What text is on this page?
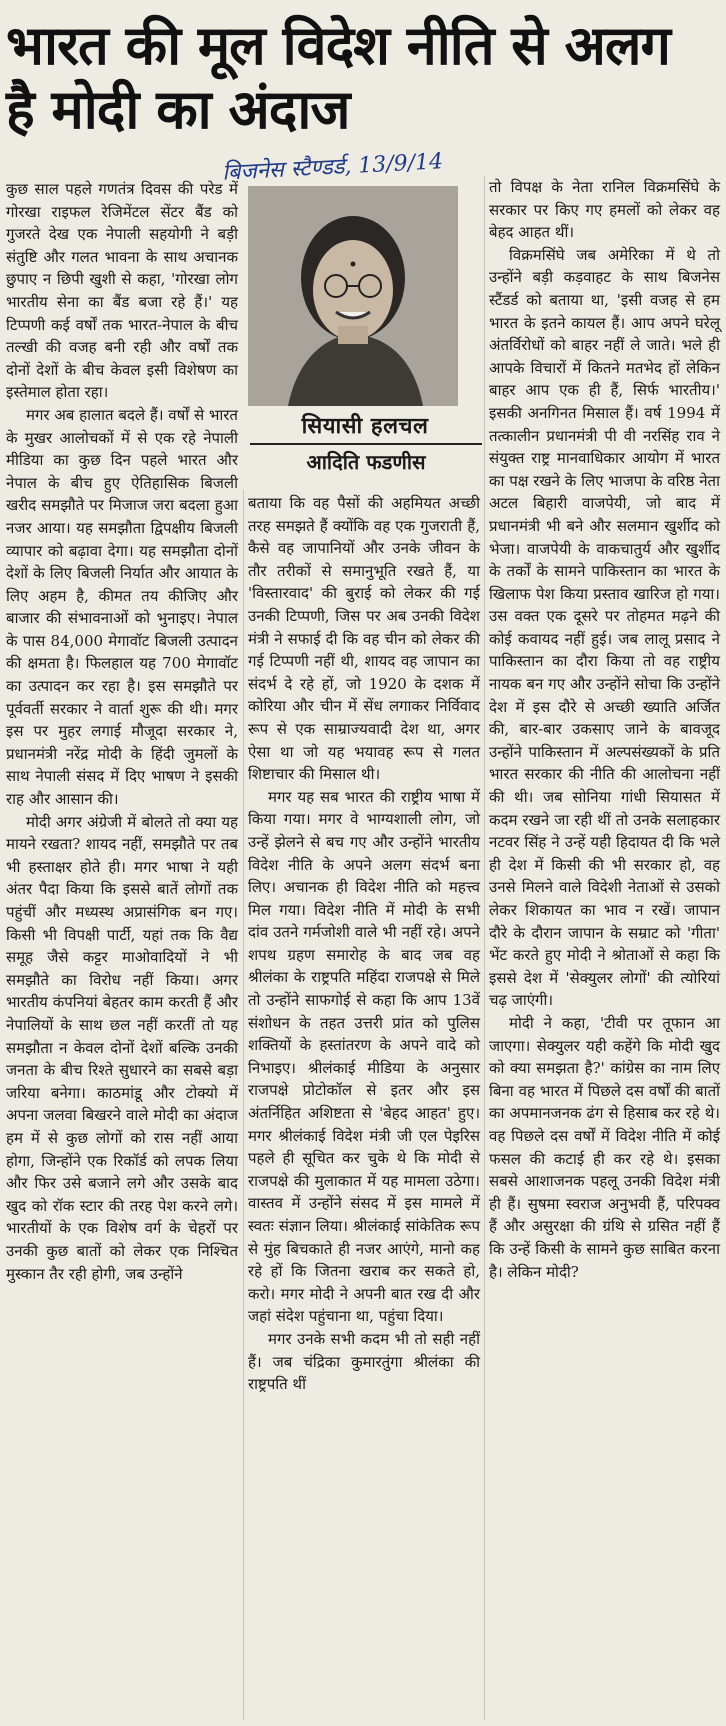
भारत की मूल विदेश नीति से अलग है मोदी का अंदाज

बिजनेस स्टैण्डर्ड, 13/9/14

सियासी हलचल
आदिति फडणीस

कुछ साल पहले गणतंत्र दिवस की परेड में गोरखा राइफल रेजिमेंटल सेंटर बैंड को गुजरते देख एक नेपाली सहयोगी ने बड़ी संतुष्टि और गलत भावना के साथ अचानक छुपाए न छिपी खुशी से कहा, 'गोरखा लोग भारतीय सेना का बैंड बजा रहे हैं।' यह टिप्पणी कई वर्षों तक भारत-नेपाल के बीच तल्खी की वजह बनी रही और वर्षों तक दोनों देशों के बीच केवल इसी विशेषण का इस्तेमाल होता रहा।

मगर अब हालात बदले हैं। वर्षों से भारत के मुखर आलोचकों में से एक रहे नेपाली मीडिया का कुछ दिन पहले भारत और नेपाल के बीच हुए ऐतिहासिक बिजली खरीद समझौते पर मिजाज जरा बदला हुआ नजर आया। यह समझौता द्विपक्षीय बिजली व्यापार को बढ़ावा देगा। यह समझौता दोनों देशों के लिए बिजली निर्यात और आयात के लिए अहम है, कीमत तय कीजिए और बाजार की संभावनाओं को भुनाइए। नेपाल के पास 84,000 मेगावॉट बिजली उत्पादन की क्षमता है। फिलहाल यह 700 मेगावॉट का उत्पादन कर रहा है। इस समझौते पर पूर्ववर्ती सरकार ने वार्ता शुरू की थी। मगर इस पर मुहर लगाई मौजूदा सरकार ने, प्रधानमंत्री नरेंद्र मोदी के हिंदी जुमलों के साथ नेपाली संसद में दिए भाषण ने इसकी राह और आसान की।

मोदी अगर अंग्रेजी में बोलते तो क्या यह मायने रखता? शायद नहीं, समझौते पर तब भी हस्ताक्षर होते ही। मगर भाषा ने यही अंतर पैदा किया कि इससे बातें लोगों तक पहुंचीं और मध्यस्थ अप्रासंगिक बन गए। किसी भी विपक्षी पार्टी, यहां तक कि वैद्य समूह जैसे कट्टर माओवादियों ने भी समझौते का विरोध नहीं किया। अगर भारतीय कंपनियां बेहतर काम करती हैं और नेपालियों के साथ छल नहीं करतीं तो यह समझौता न केवल दोनों देशों बल्कि उनकी जनता के बीच रिश्ते सुधारने का सबसे बड़ा जरिया बनेगा। काठमांडू और टोक्यो में अपना जलवा बिखरने वाले मोदी का अंदाज हम में से कुछ लोगों को रास नहीं आया होगा, जिन्होंने एक रिकॉर्ड को लपक लिया और फिर उसे बजाने लगे और उसके बाद खुद को रॉक स्टार की तरह पेश करने लगे। भारतीयों के एक विशेष वर्ग के चेहरों पर उनकी कुछ बातों को लेकर एक निश्चित मुस्कान तैर रही होगी, जब उन्होंने

बताया कि वह पैसों की अहमियत अच्छी तरह समझते हैं क्योंकि वह एक गुजराती हैं, कैसे वह जापानियों और उनके जीवन के तौर तरीकों से समानुभूति रखते हैं, या 'विस्तारवाद' की बुराई को लेकर की गई उनकी टिप्पणी, जिस पर अब उनकी विदेश मंत्री ने सफाई दी कि वह चीन को लेकर की गई टिप्पणी नहीं थी, शायद वह जापान का संदर्भ दे रहे हों, जो 1920 के दशक में कोरिया और चीन में सेंध लगाकर निर्विवाद रूप से एक साम्राज्यवादी देश था, अगर ऐसा था जो यह भयावह रूप से गलत शिष्टाचार की मिसाल थी।

मगर यह सब भारत की राष्ट्रीय भाषा में किया गया। मगर वे भाग्यशाली लोग, जो उन्हें झेलने से बच गए और उन्होंने भारतीय विदेश नीति के अपने अलग संदर्भ बना लिए। अचानक ही विदेश नीति को महत्त्व मिल गया। विदेश नीति में मोदी के सभी दांव उतने गर्मजोशी वाले भी नहीं रहे। अपने शपथ ग्रहण समारोह के बाद जब वह श्रीलंका के राष्ट्रपति महिंदा राजपक्षे से मिले तो उन्होंने साफगोई से कहा कि आप 13वें संशोधन के तहत उत्तरी प्रांत को पुलिस शक्तियों के हस्तांतरण के अपने वादे को निभाइए। श्रीलंकाई मीडिया के अनुसार राजपक्षे प्रोटोकॉल से इतर और इस अंतर्निहित अशिष्टता से 'बेहद आहत' हुए। मगर श्रीलंकाई विदेश मंत्री जी एल पेइरिस पहले ही सूचित कर चुके थे कि मोदी से राजपक्षे की मुलाकात में यह मामला उठेगा। वास्तव में उन्होंने संसद में इस मामले में स्वतः संज्ञान लिया। श्रीलंकाई सांकेतिक रूप से मुंह बिचकाते ही नजर आएंगे, मानो कह रहे हों कि जितना खराब कर सकते हो, करो। मगर मोदी ने अपनी बात रख दी और जहां संदेश पहुंचाना था, पहुंचा दिया।

मगर उनके सभी कदम भी तो सही नहीं हैं। जब चंद्रिका कुमारतुंगा श्रीलंका की राष्ट्रपति थीं

तो विपक्ष के नेता रानिल विक्रमसिंघे के सरकार पर किए गए हमलों को लेकर वह बेहद आहत थीं।

विक्रमसिंघे जब अमेरिका में थे तो उन्होंने बड़ी कड़वाहट के साथ बिजनेस स्टैंडर्ड को बताया था, 'इसी वजह से हम भारत के इतने कायल हैं। आप अपने घरेलू अंतर्विरोधों को बाहर नहीं ले जाते। भले ही आपके विचारों में कितने मतभेद हों लेकिन बाहर आप एक ही हैं, सिर्फ भारतीय।' इसकी अनगिनत मिसाल हैं। वर्ष 1994 में तत्कालीन प्रधानमंत्री पी वी नरसिंह राव ने संयुक्त राष्ट्र मानवाधिकार आयोग में भारत का पक्ष रखने के लिए भाजपा के वरिष्ठ नेता अटल बिहारी वाजपेयी, जो बाद में प्रधानमंत्री भी बने और सलमान खुर्शीद को भेजा। वाजपेयी के वाकचातुर्य और खुर्शीद के तर्कों के सामने पाकिस्तान का भारत के खिलाफ पेश किया प्रस्ताव खारिज हो गया। उस वक्त एक दूसरे पर तोहमत मढ़ने की कोई कवायद नहीं हुई। जब लालू प्रसाद ने पाकिस्तान का दौरा किया तो वह राष्ट्रीय नायक बन गए और उन्होंने सोचा कि उन्होंने देश में इस दौरे से अच्छी ख्याति अर्जित की, बार-बार उकसाए जाने के बावजूद उन्होंने पाकिस्तान में अल्पसंख्यकों के प्रति भारत सरकार की नीति की आलोचना नहीं की थी। जब सोनिया गांधी सियासत में कदम रखने जा रही थीं तो उनके सलाहकार नटवर सिंह ने उन्हें यही हिदायत दी कि भले ही देश में किसी की भी सरकार हो, वह उनसे मिलने वाले विदेशी नेताओं से उसको लेकर शिकायत का भाव न रखें। जापान दौरे के दौरान जापान के सम्राट को 'गीता' भेंट करते हुए मोदी ने श्रोताओं से कहा कि इससे देश में 'सेक्युलर लोगों' की त्योरियां चढ़ जाएंगी।

मोदी ने कहा, 'टीवी पर तूफान आ जाएगा। सेक्युलर यही कहेंगे कि मोदी खुद को क्या समझता है?' कांग्रेस का नाम लिए बिना वह भारत में पिछले दस वर्षों की बातों का अपमानजनक ढंग से हिसाब कर रहे थे। वह पिछले दस वर्षों में विदेश नीति में कोई फसल की कटाई ही कर रहे थे। इसका सबसे आशाजनक पहलू उनकी विदेश मंत्री ही हैं। सुषमा स्वराज अनुभवी हैं, परिपक्व हैं और असुरक्षा की ग्रंथि से ग्रसित नहीं हैं कि उन्हें किसी के सामने कुछ साबित करना है। लेकिन मोदी?
